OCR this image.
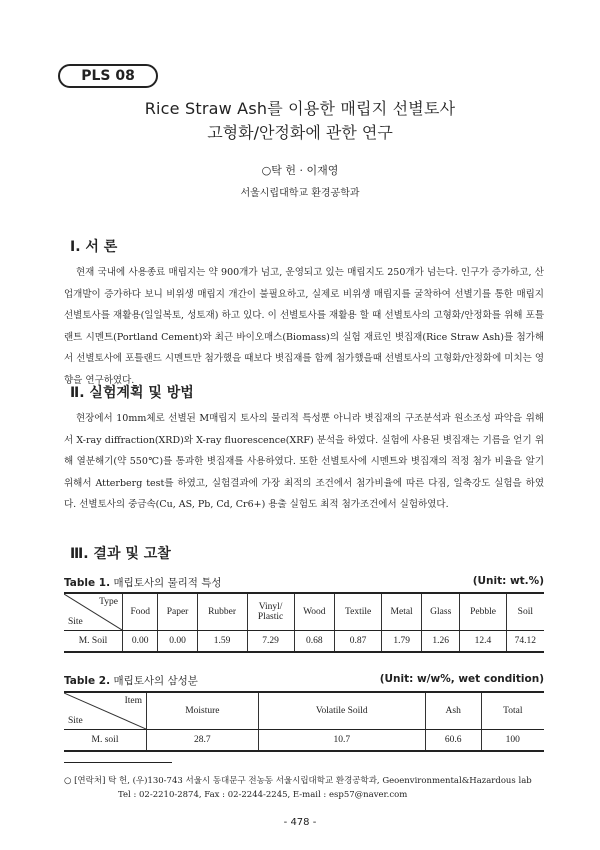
PLS 08
Rice Straw Ash를 이용한 매립지 선별토사
고형화/안정화에 관한 연구
○탁 헌 · 이재영
서울시립대학교 환경공학과
Ⅰ. 서 론
현재 국내에 사용종료 매립지는 약 900개가 넘고, 운영되고 있는 매립지도 250개가 넘는다. 인구가 증가하고, 산업개발이 증가하다 보니 비위생 매립지 개간이 불필요하고, 실제로 비위생 매립지를 굴착하여 선별기를 통한 매립지 선별토사를 재활용(일일복토, 성토재) 하고 있다. 이 선별토사를 재활용 할 때 선별토사의 고형화/안정화를 위해 포틀랜트 시멘트(Portland Cement)와 최근 바이오매스(Biomass)의 실험 재료인 볏집재(Rice Straw Ash)를 첨가해서 선별토사에 포틀랜드 시멘트만 첨가했을 때보다 볏집재를 함께 첨가했을때 선별토사의 고형화/안정화에 미치는 영향을 연구하였다.
Ⅱ. 실험계획 및 방법
현장에서 10mm체로 선별된 M매립지 토사의 물리적 특성뿐 아니라 볏집재의 구조분석과 원소조성 파악을 위해서 X-ray diffraction(XRD)와 X-ray fluorescence(XRF) 분석을 하였다. 실험에 사용된 볏집재는 기름을 얻기 위해 열분해기(약 550℃)를 통과한 볏집재를 사용하였다. 또한 선별토사에 시멘트와 볏집재의 적정 첨가 비율을 알기위해서 Atterberg test를 하였고, 실험결과에 가장 최적의 조건에서 첨가비율에 따른 다짐, 일축강도 실험을 하였다. 선별토사의 중금속(Cu, AS, Pb, Cd, Cr6+) 용출 실험도 최적 첨가조건에서 실험하였다.
Ⅲ. 결과 및 고찰
Table 1. 매립토사의 물리적 특성	(Unit: wt.%)
Type
Site	Food	Paper	Rubber	Vinyl/ Plastic	Wood	Textile	Metal	Glass	Pebble	Soil
M. Soil	0.00	0.00	1.59	7.29	0.68	0.87	1.79	1.26	12.4	74.12
Table 2. 매립토사의 삼성분	(Unit: w/w%, wet condition)
Item
Site	Moisture	Volatile Soild	Ash	Total
M. soil	28.7	10.7	60.6	100
○ [연락처] 탁 헌, (우)130-743 서울시 동대문구 전농동 서울시립대학교 환경공학과, Geoenvironmental&Hazardous lab
Tel : 02-2210-2874, Fax : 02-2244-2245, E-mail : esp57@naver.com
- 478 -
